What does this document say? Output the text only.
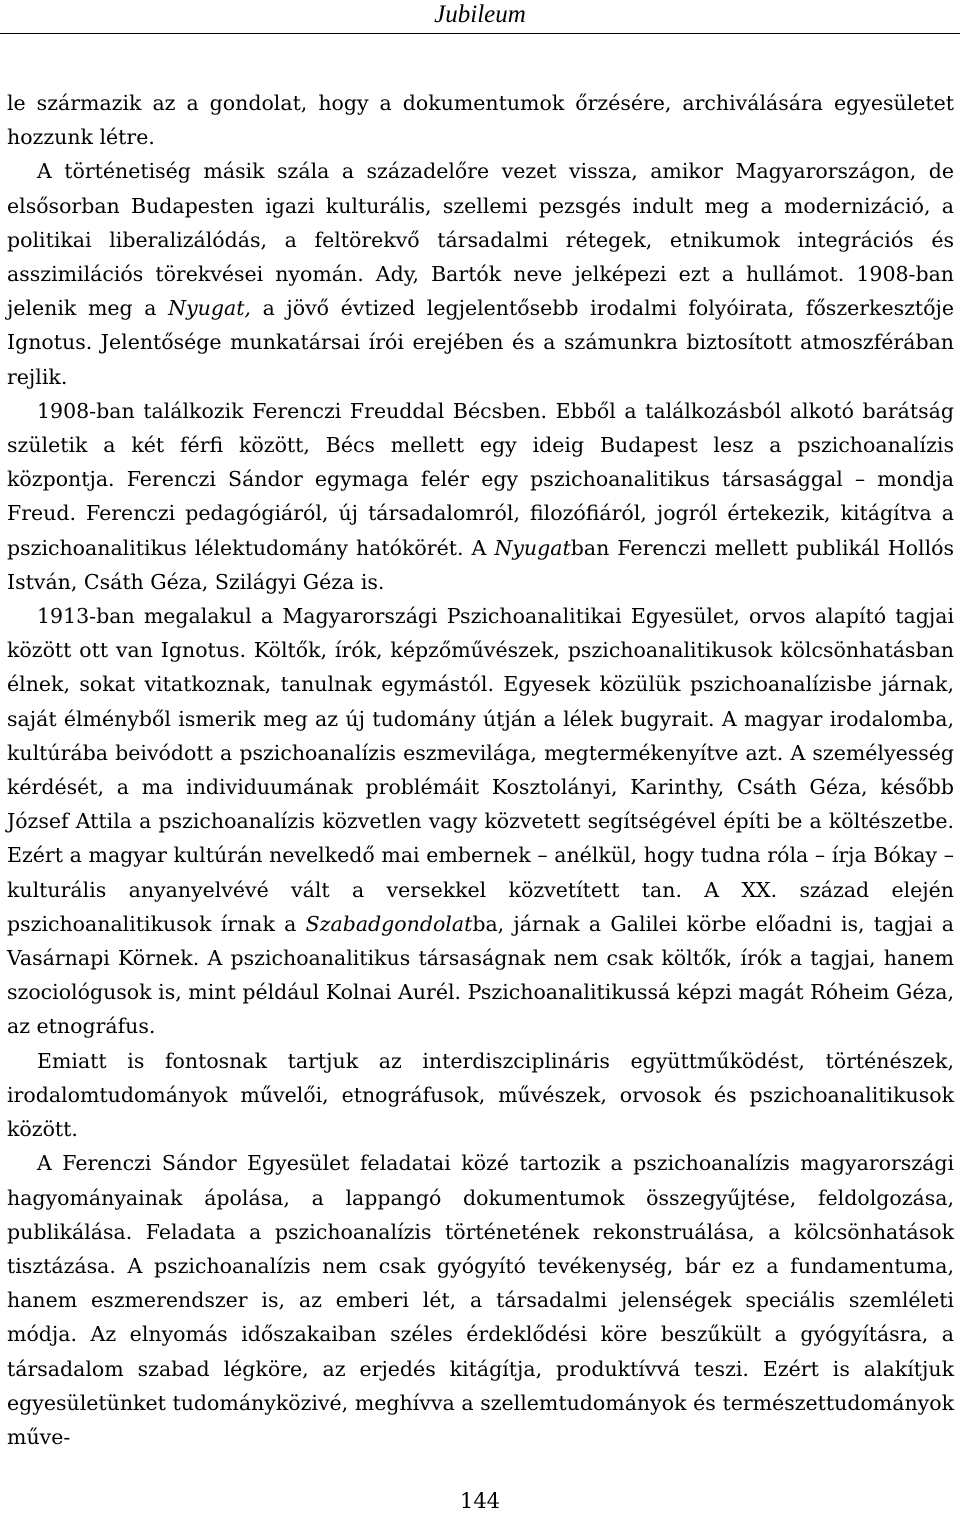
Jubileum

le származik az a gondolat, hogy a dokumentumok őrzésére, archiválására egyesületet hozzunk létre.

A történetiség másik szála a századelőre vezet vissza, amikor Magyarországon, de elsősorban Budapesten igazi kulturális, szellemi pezsgés indult meg a modernizáció, a politikai liberalizálódás, a feltörekvő társadalmi rétegek, etnikumok integrációs és asszimilációs törekvései nyomán. Ady, Bartók neve jelképezi ezt a hullámot. 1908-ban jelenik meg a Nyugat, a jövő évtized legjelentősebb irodalmi folyóirata, főszerkesztője Ignotus. Jelentősége munkatársai írói erejében és a számunkra biztosított atmoszférában rejlik.

1908-ban találkozik Ferenczi Freuddal Bécsben. Ebből a találkozásból alkotó barátság születik a két férfi között, Bécs mellett egy ideig Budapest lesz a pszichoanalízis központja. Ferenczi Sándor egymaga felér egy pszichoanalitikus társasággal – mondja Freud. Ferenczi pedagógiáról, új társadalomról, filozófiáról, jogról értekezik, kitágítva a pszichoanalitikus lélektudomány hatókörét. A Nyugatban Ferenczi mellett publikál Hollós István, Csáth Géza, Szilágyi Géza is.

1913-ban megalakul a Magyarországi Pszichoanalitikai Egyesület, orvos alapító tagjai között ott van Ignotus. Költők, írók, képzőművészek, pszichoanalitikusok kölcsönhatásban élnek, sokat vitatkoznak, tanulnak egymástól. Egyesek közülük pszichoanalízisbe járnak, saját élményből ismerik meg az új tudomány útján a lélek bugyrait. A magyar irodalomba, kultúrába beivódott a pszichoanalízis eszmevilága, megtermékenyítve azt. A személyesség kérdését, a ma individuumának problémáit Kosztolányi, Karinthy, Csáth Géza, később József Attila a pszichoanalízis közvetlen vagy közvetett segítségével építi be a költészetbe. Ezért a magyar kultúrán nevelkedő mai embernek – anélkül, hogy tudna róla – írja Bókay – kulturális anyanyelvévé vált a versekkel közvetített tan. A XX. század elején pszichoanalitikusok írnak a Szabadgondolatba, járnak a Galilei körbe előadni is, tagjai a Vasárnapi Körnek. A pszichoanalitikus társaságnak nem csak költők, írók a tagjai, hanem szociológusok is, mint például Kolnai Aurél. Pszichoanalitikussá képzi magát Róheim Géza, az etnográfus.

Emiatt is fontosnak tartjuk az interdiszciplináris együttműködést, történészek, irodalomtudományok művelői, etnográfusok, művészek, orvosok és pszichoanalitikusok között.

A Ferenczi Sándor Egyesület feladatai közé tartozik a pszichoanalízis magyarországi hagyományainak ápolása, a lappangó dokumentumok összegyűjtése, feldolgozása, publikálása. Feladata a pszichoanalízis történetének rekonstruálása, a kölcsönhatások tisztázása. A pszichoanalízis nem csak gyógyító tevékenység, bár ez a fundamentuma, hanem eszmerendszer is, az emberi lét, a társadalmi jelenségek speciális szemléleti módja. Az elnyomás időszakaiban széles érdeklődési köre beszűkült a gyógyításra, a társadalom szabad légköre, az erjedés kitágítja, produktívvá teszi. Ezért is alakítjuk egyesületünket tudományközivé, meghívva a szellemtudományok és természettudományok műve-

144
